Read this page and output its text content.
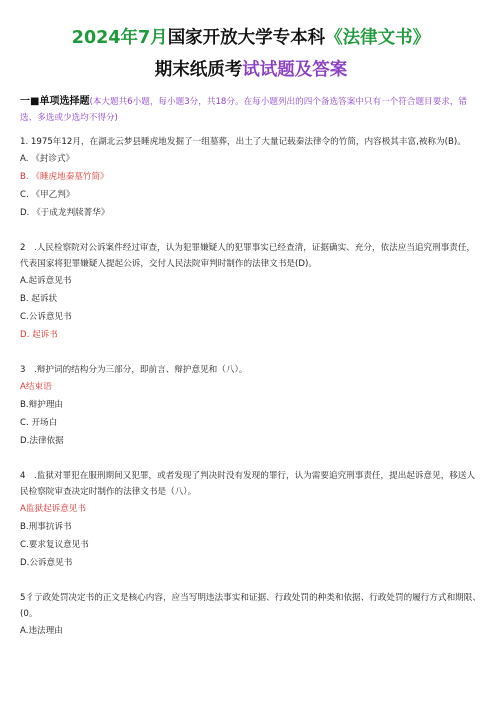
2024年7月国家开放大学专本科《法律文书》
期末纸质考试试题及答案
一■单项选择题(本大题共6小题，每小题3分，共18分。在每小题列出的四个备选答案中只有一个符合题目要求，错选、多选或少选均不得分)

1. 1975年12月，在湖北云梦县睡虎地发掘了一组墓葬，出土了大量记载秦法律令的竹简，内容极其丰富,被称为(B)。

A. 《封诊式》
B. 《睡虎地秦墓竹简》
C. 《甲乙判》
D. 《于成龙判牍菁华》

2　.人民检察院对公诉案件经过审查，认为犯罪嫌疑人的犯罪事实已经查清，证据确实、充分，依法应当追究刑事责任，代表国家将犯罪嫌疑人提起公诉，交付人民法院审判时制作的法律文书是(D)。

A.起诉意见书
B. 起诉状
C.公诉意见书
D. 起诉书

3　.辩护词的结构分为三部分，即前言、辩护意见和（八）。

A结束语
B.辩护理由
C. 开场白
D.法律依据

4　.监狱对罪犯在服刑期间又犯罪，或者发现了判决时没有发现的罪行，认为需要追究刑事责任，提出起诉意见，移送人民检察院审查决定时制作的法律文书是（八）。

A监狱起诉意见书
B.刑事抗诉书
C.要求复议意见书
D.公诉意见书

5彳亍政处罚决定书的正文是核心内容，应当写明违法事实和证据、行政处罚的种类和依据、行政处罚的履行方式和期限、(0。

A.违法理由
